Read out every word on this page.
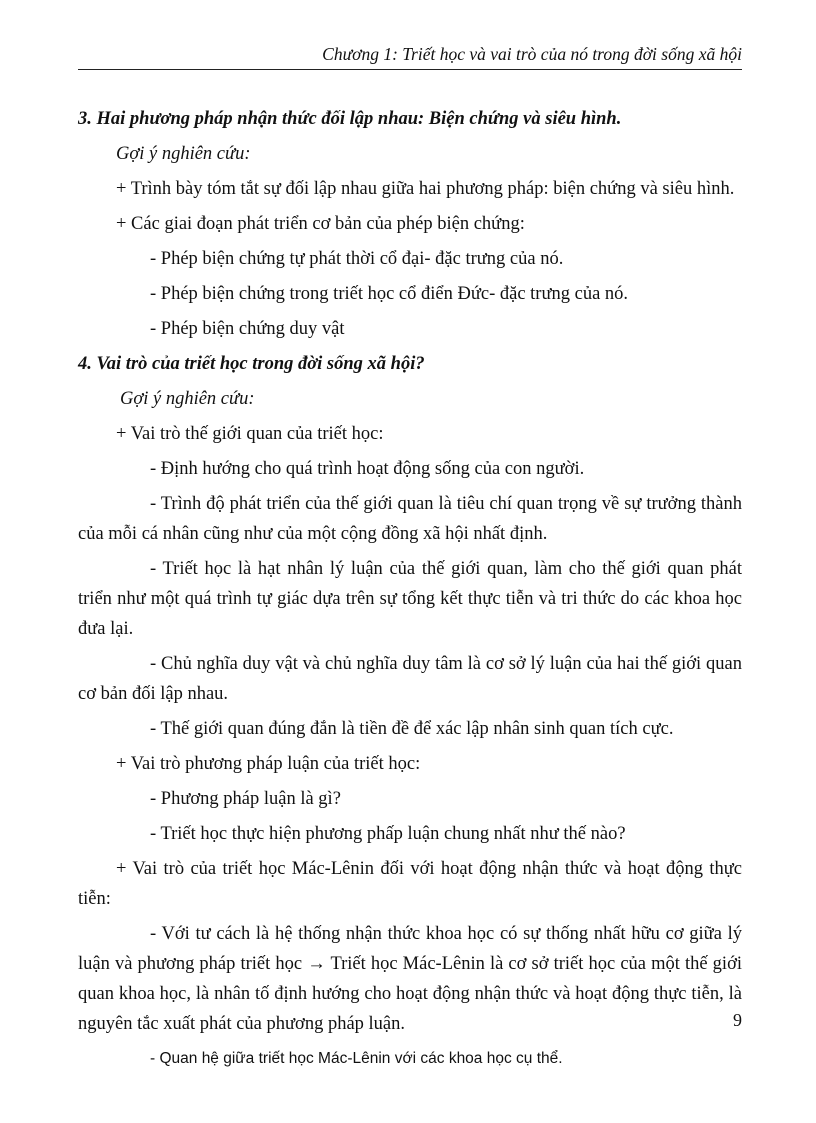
Chương 1: Triết học và vai trò của nó trong đời sống xã hội

3. Hai phương pháp nhận thức đối lập nhau: Biện chứng và siêu hình.

Gợi ý nghiên cứu:

+ Trình bày tóm tắt sự đối lập nhau giữa hai phương pháp: biện chứng và siêu hình.

+ Các giai đoạn phát triển cơ bản của phép biện chứng:

- Phép biện chứng tự phát thời cổ đại- đặc trưng của nó.

- Phép biện chứng trong triết học cổ điển Đức- đặc trưng của nó.

- Phép biện chứng duy vật

4. Vai trò của triết học trong đời sống xã hội?

Gợi ý nghiên cứu:

+ Vai trò thế giới quan của triết học:

- Định hướng cho quá trình hoạt động sống của con người.

- Trình độ phát triển của thế giới quan là tiêu chí quan trọng về sự trưởng thành của mỗi cá nhân cũng như của một cộng đồng xã hội nhất định.

- Triết học là hạt nhân lý luận của thế giới quan, làm cho thế giới quan phát triển như một quá trình tự giác dựa trên sự tổng kết thực tiễn và tri thức do các khoa học đưa lại.

- Chủ nghĩa duy vật và chủ nghĩa duy tâm là cơ sở lý luận của hai thế giới quan cơ bản đối lập nhau.

- Thế giới quan đúng đắn là tiền đề để xác lập nhân sinh quan tích cực.

+ Vai trò phương pháp luận của triết học:

- Phương pháp luận là gì?

- Triết học thực hiện phương phấp luận chung nhất như thế nào?

+ Vai trò của triết học Mác-Lênin đối với hoạt động nhận thức và hoạt động thực tiễn:

- Với tư cách là hệ thống nhận thức khoa học có sự thống nhất hữu cơ giữa lý luận và phương pháp triết học → Triết học Mác-Lênin là cơ sở triết học của một thế giới quan khoa học, là nhân tố định hướng cho hoạt động nhận thức và hoạt động thực tiễn, là nguyên tắc xuất phát của phương pháp luận.

- Quan hệ giữa triết học Mác-Lênin với các khoa học cụ thể.

9
